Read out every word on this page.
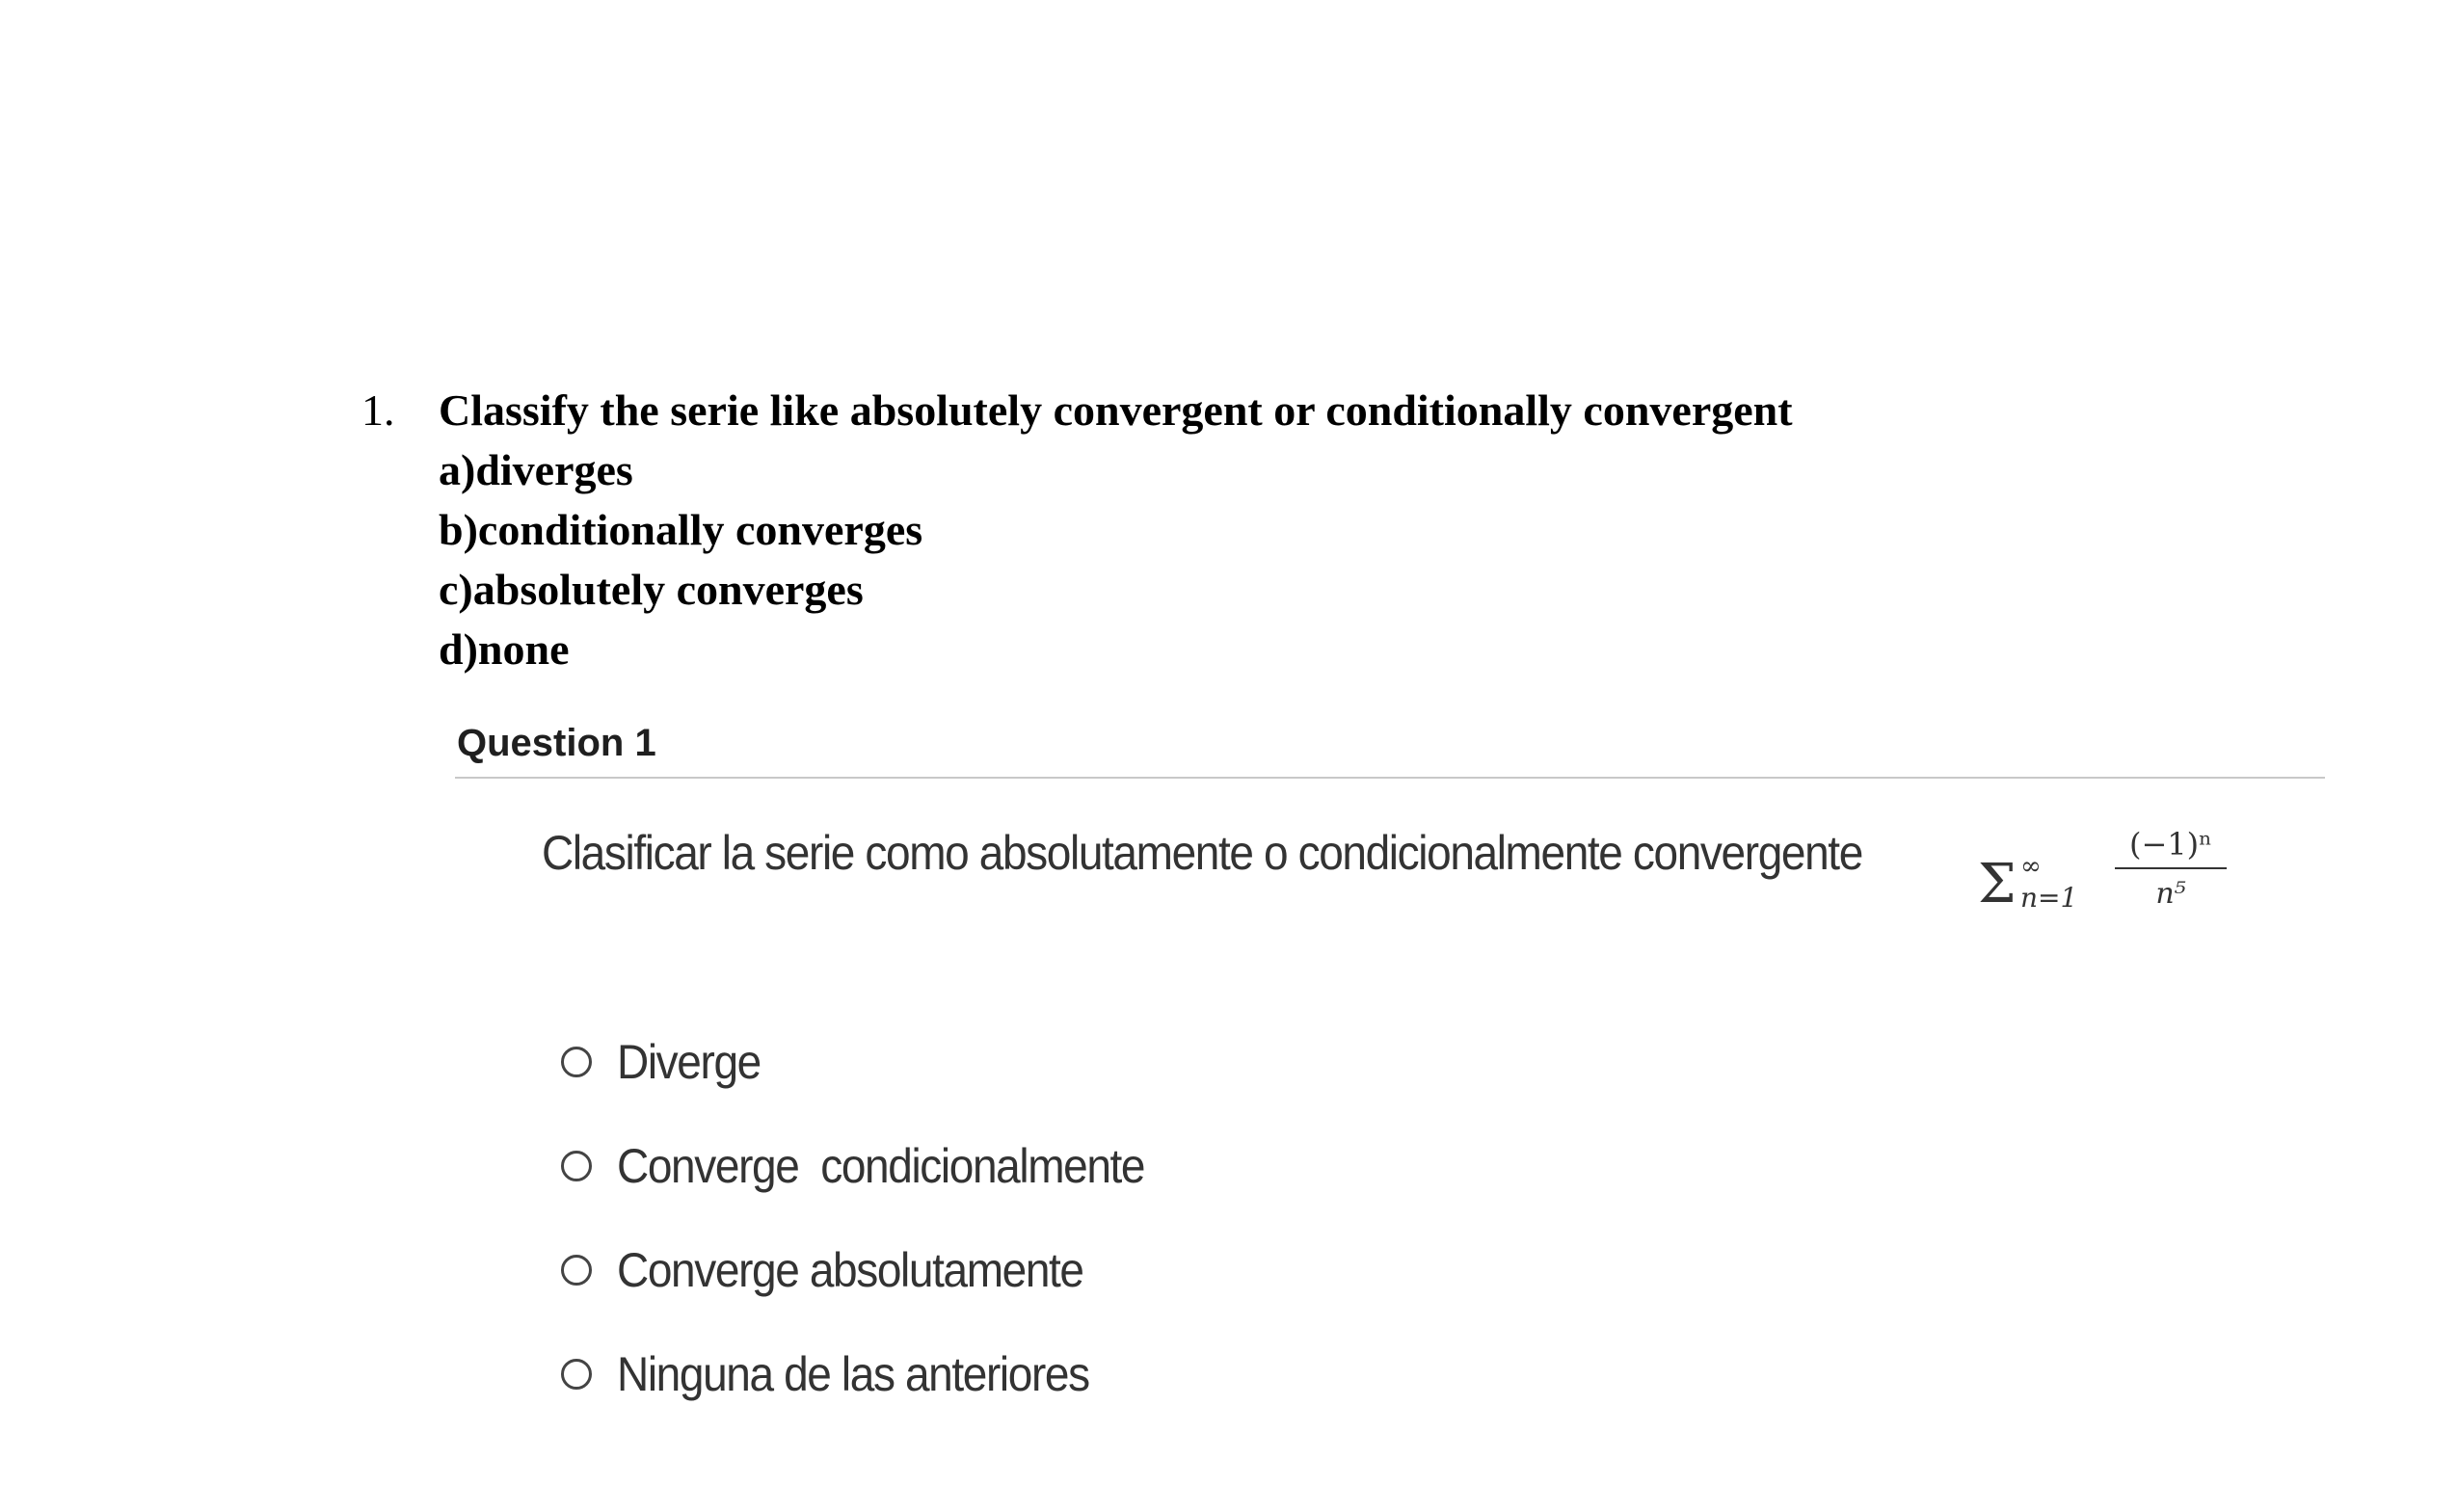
1. Classify the serie like absolutely convergent or conditionally convergent
a)diverges
b)conditionally converges
c)absolutely converges
d)none
Question 1
Clasificar la serie como absolutamente o condicionalmente convergente Σ ∞
n=1
(−1)ⁿ
n⁵
Diverge
Converge  condicionalmente
Converge absolutamente
Ninguna de las anteriores
